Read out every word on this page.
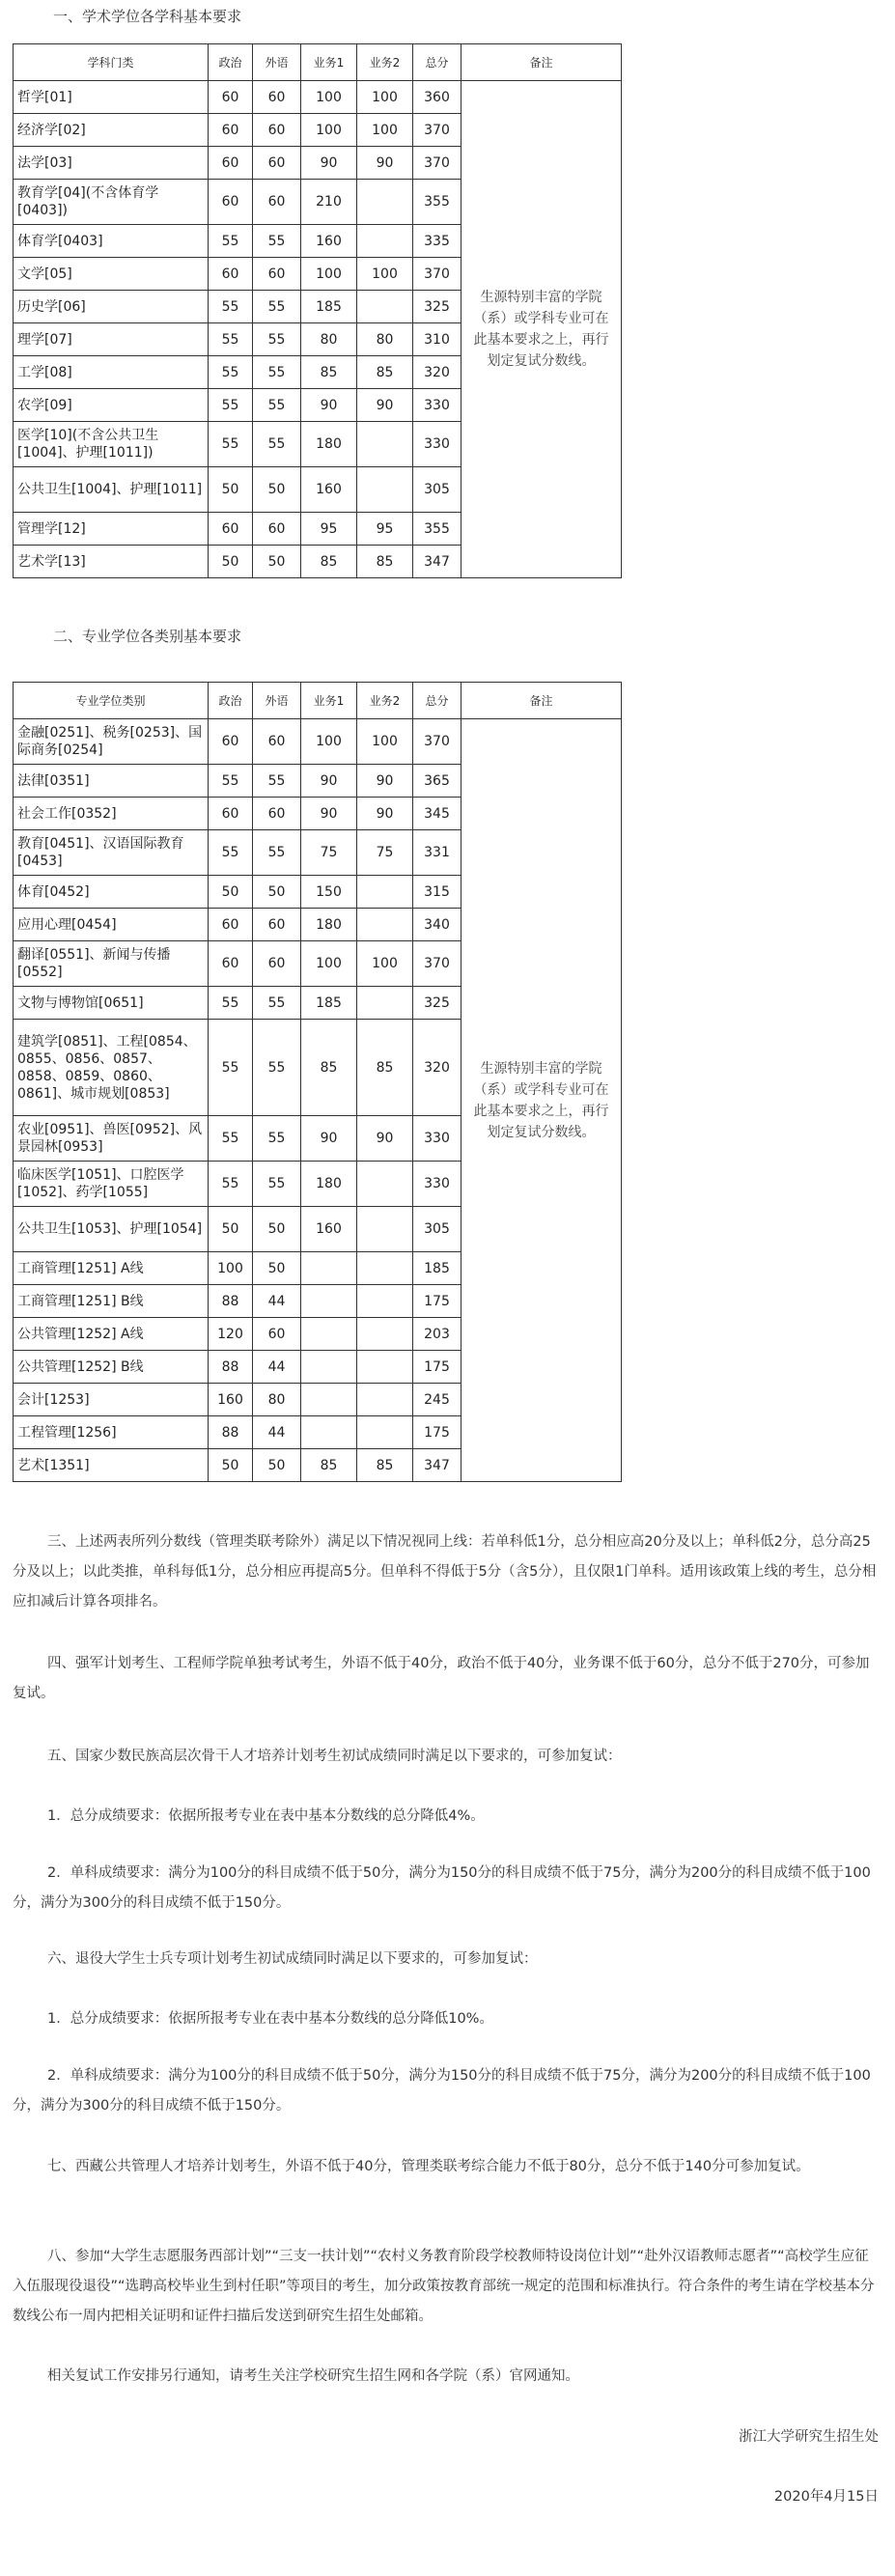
一、学术学位各学科基本要求
学科门类	政治	外语	业务1	业务2	总分	备注
哲学[01]	60	60	100	100	360	生源特别丰富的学院（系）或学科专业可在此基本要求之上，再行划定复试分数线。
经济学[02]	60	60	100	100	370	
法学[03]	60	60	90	90	370	
教育学[04](不含体育学[0403])	60	60	210		355	
体育学[0403]	55	55	160		335	
文学[05]	60	60	100	100	370	
历史学[06]	55	55	185		325	
理学[07]	55	55	80	80	310	
工学[08]	55	55	85	85	320	
农学[09]	55	55	90	90	330	
医学[10](不含公共卫生[1004]、护理[1011])	55	55	180		330	
公共卫生[1004]、护理[1011]	50	50	160		305	
管理学[12]	60	60	95	95	355	
艺术学[13]	50	50	85	85	347	
二、专业学位各类别基本要求
专业学位类别	政治	外语	业务1	业务2	总分	备注
金融[0251]、税务[0253]、国际商务[0254]	60	60	100	100	370	生源特别丰富的学院（系）或学科专业可在此基本要求之上，再行划定复试分数线。
法律[0351]	55	55	90	90	365	
社会工作[0352]	60	60	90	90	345	
教育[0451]、汉语国际教育[0453]	55	55	75	75	331	
体育[0452]	50	50	150		315	
应用心理[0454]	60	60	180		340	
翻译[0551]、新闻与传播[0552]	60	60	100	100	370	
文物与博物馆[0651]	55	55	185		325	
建筑学[0851]、工程[0854、0855、0856、0857、0858、0859、0860、0861]、城市规划[0853]	55	55	85	85	320	
农业[0951]、兽医[0952]、风景园林[0953]	55	55	90	90	330	
临床医学[1051]、口腔医学[1052]、药学[1055]	55	55	180		330	
公共卫生[1053]、护理[1054]	50	50	160		305	
工商管理[1251] A线	100	50			185	
工商管理[1251] B线	88	44			175	
公共管理[1252] A线	120	60			203	
公共管理[1252] B线	88	44			175	
会计[1253]	160	80			245	
工程管理[1256]	88	44			175	
艺术[1351]	50	50	85	85	347	

三、上述两表所列分数线（管理类联考除外）满足以下情况视同上线：若单科低1分，总分相应高20分及以上；单科低2分，总分高25分及以上；以此类推，单科每低1分，总分相应再提高5分。但单科不得低于5分（含5分），且仅限1门单科。适用该政策上线的考生，总分相应扣减后计算各项排名。

四、强军计划考生、工程师学院单独考试考生，外语不低于40分，政治不低于40分，业务课不低于60分，总分不低于270分，可参加复试。

五、国家少数民族高层次骨干人才培养计划考生初试成绩同时满足以下要求的，可参加复试：

1．总分成绩要求：依据所报考专业在表中基本分数线的总分降低4%。

2．单科成绩要求：满分为100分的科目成绩不低于50分，满分为150分的科目成绩不低于75分，满分为200分的科目成绩不低于100分，满分为300分的科目成绩不低于150分。

六、退役大学生士兵专项计划考生初试成绩同时满足以下要求的，可参加复试：

1．总分成绩要求：依据所报考专业在表中基本分数线的总分降低10%。

2．单科成绩要求：满分为100分的科目成绩不低于50分，满分为150分的科目成绩不低于75分，满分为200分的科目成绩不低于100分，满分为300分的科目成绩不低于150分。

七、西藏公共管理人才培养计划考生，外语不低于40分，管理类联考综合能力不低于80分，总分不低于140分可参加复试。

八、参加“大学生志愿服务西部计划”“三支一扶计划”“农村义务教育阶段学校教师特设岗位计划”“赴外汉语教师志愿者”“高校学生应征入伍服现役退役”“选聘高校毕业生到村任职”等项目的考生，加分政策按教育部统一规定的范围和标准执行。符合条件的考生请在学校基本分数线公布一周内把相关证明和证件扫描后发送到研究生招生处邮箱。

相关复试工作安排另行通知，请考生关注学校研究生招生网和各学院（系）官网通知。

浙江大学研究生招生处
2020年4月15日
